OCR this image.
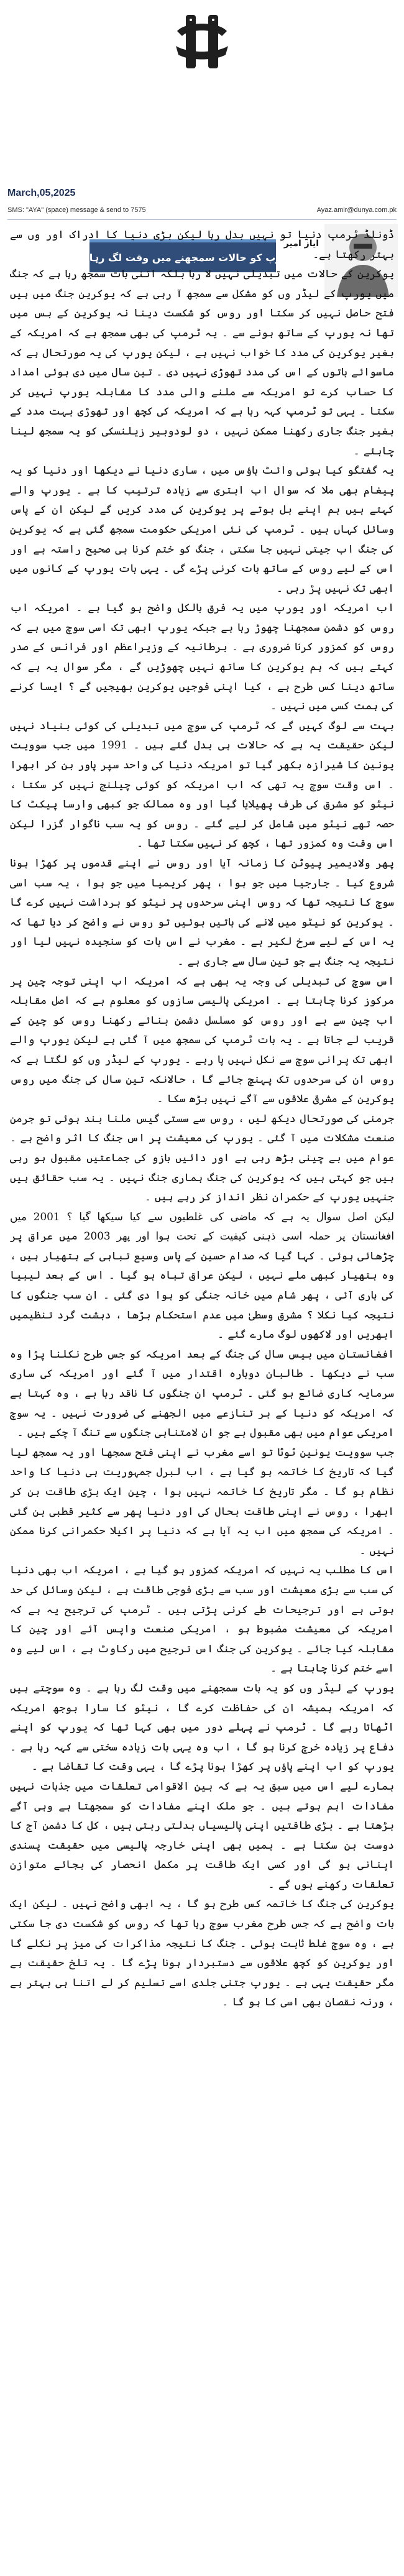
یورپ کو حالات سمجھنے میں وقت لگ رہا ہے
ایاز امیر
March,05,2025
SMS: "AYA" (space) message & send to 7575	Ayaz.amir@dunya.com.pk

ڈونلڈ ٹرمپ دنیا تو نہیں بدل رہا لیکن بڑی دنیا کا ادراک اور وں سے بہتر رکھتا ہے۔

یوکرین کے حالات میں تبدیلی نہیں لا رہا بلکہ اتنی بات سمجھ رہا ہے کہ جنگ میں یورپ کے لیڈر وں کو مشکل سے سمجھ آ رہی ہے کہ یوکرین جنگ میں ہیں فتح حاصل نہیں کر سکتا اور روس کو شکست دینا نہ یوکرین کے بس میں تھا نہ یورپ کے ساتھ ہونے سے ۔ یہ ٹرمپ کی بھی سمجھ ہے کہ امریکہ کے بغیر یوکرین کی مدد کا خواب نہیں ہے ، لیکن یورپ کی یہ صورتحال ہے کہ ماسوائے باتوں کے اس کی مدد تھوڑی نہیں دی ۔ تین سال میں دی ہوئی امداد کا حساب کرے تو امریکہ سے ملنے والی مدد کا مقابلہ یورپ نہیں کر سکتا ۔ یہی تو ٹرمپ کہہ رہا ہے کہ امریکہ کی کچھ اور تھوڑی بہت مدد کے بغیر جنگ جاری رکھنا ممکن نہیں ، دو لودوبیر زیلنسکی کو یہ سمجھ لینا چاہئے ۔

یہ گفتگو کیا ہوئی وائٹ ہاؤس میں ، ساری دنیا نے دیکھا اور دنیا کو یہ پیغام بھی ملا کہ سوال اب ابتری سے زیادہ ترتیب کا ہے ۔ یورپ والے کہتے ہیں ہم اپنے بل بوتے پر یوکرین کی مدد کریں گے لیکن ان کے پاس وسائل کہاں ہیں ۔ ٹرمپ کی نئی امریکی حکومت سمجھ گئی ہے کہ یوکرین کی جنگ اب جیتی نہیں جا سکتی ، جنگ کو ختم کرنا ہی صحیح راستہ ہے اور اس کے لیے روس کے ساتھ بات کرنی پڑے گی ۔ یہی بات یورپ کے کانوں میں ابھی تک نہیں پڑ رہی ۔

اب امریکہ اور یورپ میں یہ فرق بالکل واضح ہو گیا ہے ۔ امریکہ اب روس کو دشمن سمجھنا چھوڑ رہا ہے جبکہ یورپ ابھی تک اسی سوچ میں ہے کہ روس کو کمزور کرنا ضروری ہے ۔ برطانیہ کے وزیراعظم اور فرانس کے صدر کہتے ہیں کہ ہم یوکرین کا ساتھ نہیں چھوڑیں گے ، مگر سوال یہ ہے کہ ساتھ دینا کس طرح ہے ، کیا اپنی فوجیں یوکرین بھیجیں گے ؟ ایسا کرنے کی ہمت کسی میں نہیں ۔

بہت سے لوگ کہیں گے کہ ٹرمپ کی سوچ میں تبدیلی کی کوئی بنیاد نہیں لیکن حقیقت یہ ہے کہ حالات ہی بدل گئے ہیں ۔ 1991 میں جب سوویت یونین کا شیرازہ بکھر گیا تو امریکہ دنیا کی واحد سپر پاور بن کر ابھرا ۔ اس وقت سوچ یہ تھی کہ اب امریکہ کو کوئی چیلنج نہیں کر سکتا ، نیٹو کو مشرق کی طرف پھیلایا گیا اور وہ ممالک جو کبھی وارسا پیکٹ کا حصہ تھے نیٹو میں شامل کر لیے گئے ۔ روس کو یہ سب ناگوار گزرا لیکن اس وقت وہ کمزور تھا ، کچھ کر نہیں سکتا تھا ۔

پھر ولادیمیر پیوٹن کا زمانہ آیا اور روس نے اپنے قدموں پر کھڑا ہونا شروع کیا ۔ جارجیا میں جو ہوا ، پھر کریمیا میں جو ہوا ، یہ سب اسی سوچ کا نتیجہ تھا کہ روس اپنی سرحدوں پر نیٹو کو برداشت نہیں کرے گا ۔ یوکرین کو نیٹو میں لانے کی باتیں ہوئیں تو روس نے واضح کر دیا تھا کہ یہ اس کے لیے سرخ لکیر ہے ۔ مغرب نے اس بات کو سنجیدہ نہیں لیا اور نتیجہ یہ جنگ ہے جو تین سال سے جاری ہے ۔

اس سوچ کی تبدیلی کی وجہ یہ بھی ہے کہ امریکہ اب اپنی توجہ چین پر مرکوز کرنا چاہتا ہے ۔ امریکی پالیسی سازوں کو معلوم ہے کہ اصل مقابلہ اب چین سے ہے اور روس کو مسلسل دشمن بنائے رکھنا روس کو چین کے قریب لے جاتا ہے ۔ یہ بات ٹرمپ کی سمجھ میں آ گئی ہے لیکن یورپ والے ابھی تک پرانی سوچ سے نکل نہیں پا رہے ۔ یورپ کے لیڈر وں کو لگتا ہے کہ روس ان کی سرحدوں تک پہنچ جائے گا ، حالانکہ تین سال کی جنگ میں روس یوکرین کے مشرقی علاقوں سے آگے نہیں بڑھ سکا ۔

جرمنی کی صورتحال دیکھ لیں ، روس سے سستی گیس ملنا بند ہوئی تو جرمن صنعت مشکلات میں آ گئی ۔ یورپ کی معیشت پر اس جنگ کا اثر واضح ہے ۔ عوام میں بے چینی بڑھ رہی ہے اور دائیں بازو کی جماعتیں مقبول ہو رہی ہیں جو کہتی ہیں کہ یوکرین کی جنگ ہماری جنگ نہیں ۔ یہ سب حقائق ہیں جنہیں یورپ کے حکمران نظر انداز کر رہے ہیں ۔

لیکن اصل سوال یہ ہے کہ ماضی کی غلطیوں سے کیا سیکھا گیا ؟ 2001 میں افغانستان پر حملہ اسی ذہنی کیفیت کے تحت ہوا اور پھر 2003 میں عراق پر چڑھائی ہوئی ۔ کہا گیا کہ صدام حسین کے پاس وسیع تباہی کے ہتھیار ہیں ، وہ ہتھیار کبھی ملے نہیں ، لیکن عراق تباہ ہو گیا ۔ اس کے بعد لیبیا کی باری آئی ، پھر شام میں خانہ جنگی کو ہوا دی گئی ۔ ان سب جنگوں کا نتیجہ کیا نکلا ؟ مشرق وسطیٰ میں عدم استحکام بڑھا ، دہشت گرد تنظیمیں ابھریں اور لاکھوں لوگ مارے گئے ۔

افغانستان میں بیس سال کی جنگ کے بعد امریکہ کو جس طرح نکلنا پڑا وہ سب نے دیکھا ۔ طالبان دوبارہ اقتدار میں آ گئے اور امریکہ کی ساری سرمایہ کاری ضائع ہو گئی ۔ ٹرمپ ان جنگوں کا ناقد رہا ہے ، وہ کہتا ہے کہ امریکہ کو دنیا کے ہر تنازعے میں الجھنے کی ضرورت نہیں ۔ یہ سوچ امریکی عوام میں بھی مقبول ہے جو ان لامتناہی جنگوں سے تنگ آ چکے ہیں ۔

جب سوویت یونین ٹوٹا تو اسے مغرب نے اپنی فتح سمجھا اور یہ سمجھ لیا گیا کہ تاریخ کا خاتمہ ہو گیا ہے ، اب لبرل جمہوریت ہی دنیا کا واحد نظام ہو گا ۔ مگر تاریخ کا خاتمہ نہیں ہوا ، چین ایک بڑی طاقت بن کر ابھرا ، روس نے اپنی طاقت بحال کی اور دنیا پھر سے کثیر قطبی بن گئی ۔ امریکہ کی سمجھ میں اب یہ آیا ہے کہ دنیا پر اکیلا حکمرانی کرنا ممکن نہیں ۔

اس کا مطلب یہ نہیں کہ امریکہ کمزور ہو گیا ہے ، امریکہ اب بھی دنیا کی سب سے بڑی معیشت اور سب سے بڑی فوجی طاقت ہے ، لیکن وسائل کی حد ہوتی ہے اور ترجیحات طے کرنی پڑتی ہیں ۔ ٹرمپ کی ترجیح یہ ہے کہ امریکہ کی معیشت مضبوط ہو ، امریکی صنعت واپس آئے اور چین کا مقابلہ کیا جائے ۔ یوکرین کی جنگ اس ترجیح میں رکاوٹ ہے ، اس لیے وہ اسے ختم کرنا چاہتا ہے ۔

یورپ کے لیڈر وں کو یہ بات سمجھنے میں وقت لگ رہا ہے ۔ وہ سوچتے ہیں کہ امریکہ ہمیشہ ان کی حفاظت کرے گا ، نیٹو کا سارا بوجھ امریکہ اٹھاتا رہے گا ۔ ٹرمپ نے پہلے دور میں بھی کہا تھا کہ یورپ کو اپنے دفاع پر زیادہ خرچ کرنا ہو گا ، اب وہ یہی بات زیادہ سختی سے کہہ رہا ہے ۔ یورپ کو اب اپنے پاؤں پر کھڑا ہونا پڑے گا ، یہی وقت کا تقاضا ہے ۔

ہمارے لیے اس میں سبق یہ ہے کہ بین الاقوامی تعلقات میں جذبات نہیں مفادات اہم ہوتے ہیں ۔ جو ملک اپنے مفادات کو سمجھتا ہے وہی آگے بڑھتا ہے ۔ بڑی طاقتیں اپنی پالیسیاں بدلتی رہتی ہیں ، کل کا دشمن آج کا دوست بن سکتا ہے ۔ ہمیں بھی اپنی خارجہ پالیسی میں حقیقت پسندی اپنانی ہو گی اور کسی ایک طاقت پر مکمل انحصار کی بجائے متوازن تعلقات رکھنے ہوں گے ۔

یوکرین کی جنگ کا خاتمہ کس طرح ہو گا ، یہ ابھی واضح نہیں ۔ لیکن ایک بات واضح ہے کہ جس طرح مغرب سوچ رہا تھا کہ روس کو شکست دی جا سکتی ہے ، وہ سوچ غلط ثابت ہوئی ۔ جنگ کا نتیجہ مذاکرات کی میز پر نکلے گا اور یوکرین کو کچھ علاقوں سے دستبردار ہونا پڑے گا ۔ یہ تلخ حقیقت ہے مگر حقیقت یہی ہے ۔ یورپ جتنی جلدی اسے تسلیم کر لے اتنا ہی بہتر ہے ، ورنہ نقصان بھی اسی کا ہو گا ۔
